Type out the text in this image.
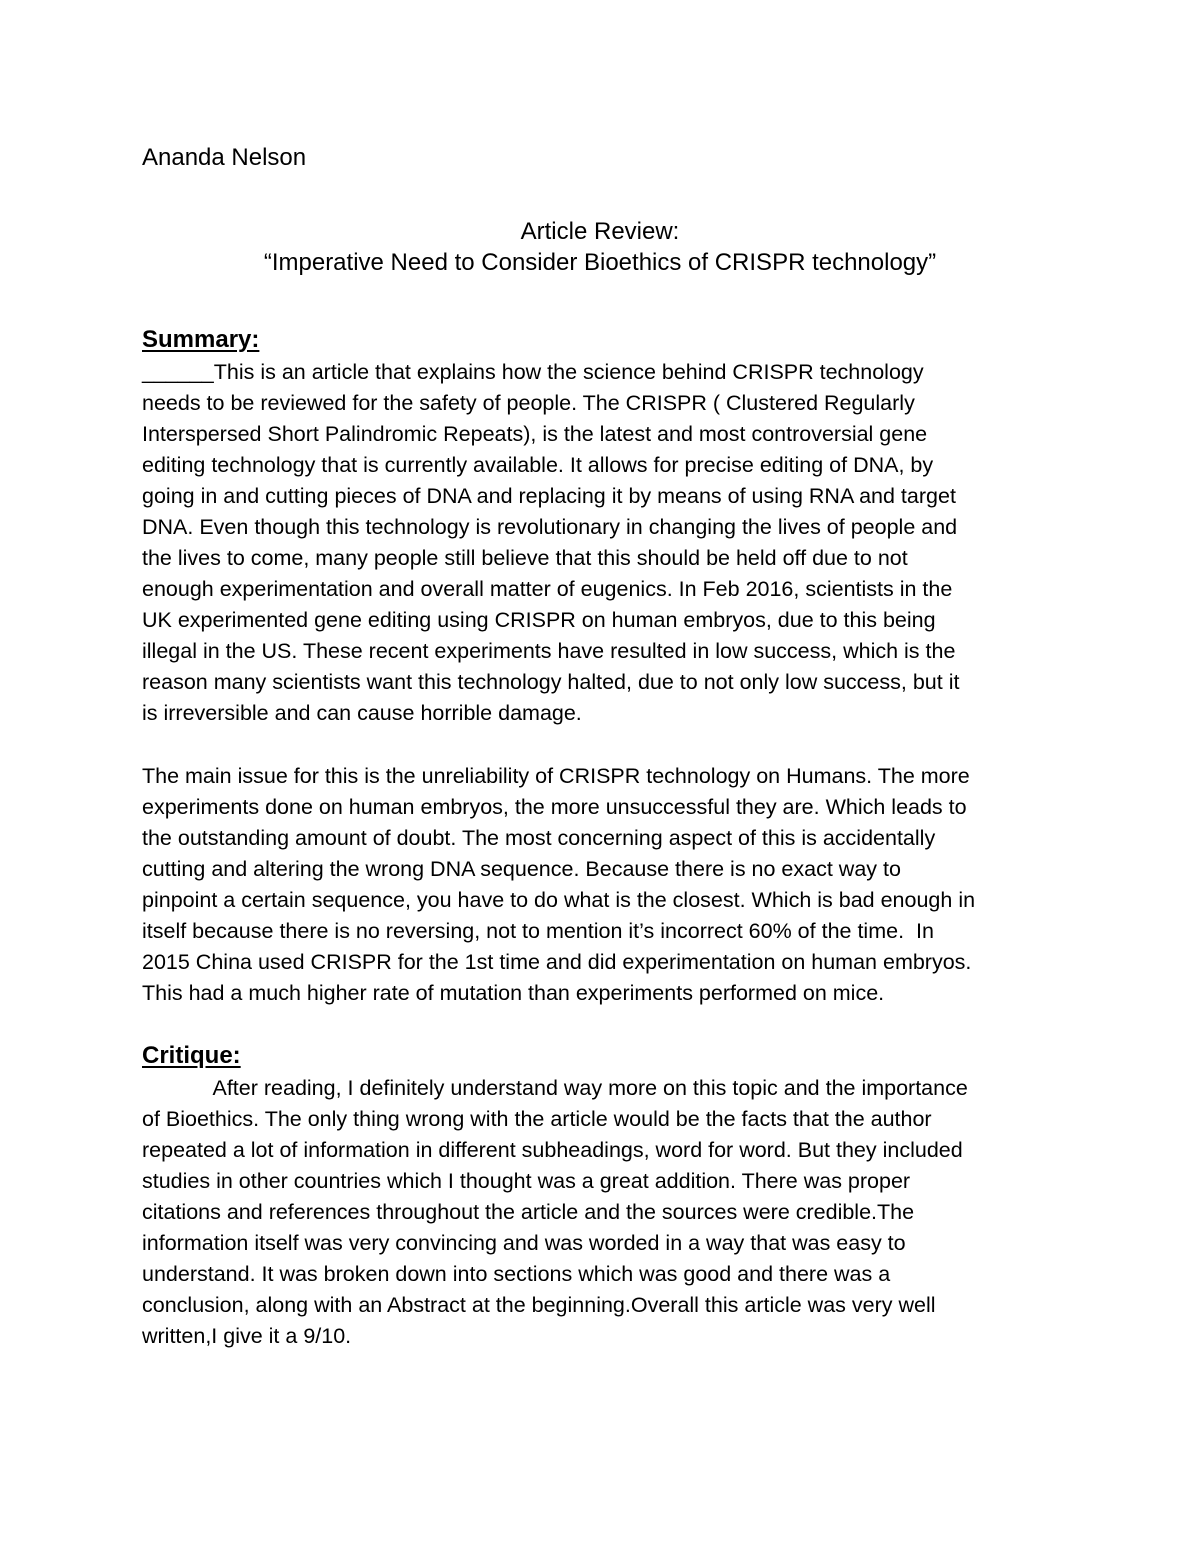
Ananda Nelson

Article Review:

“Imperative Need to Consider Bioethics of CRISPR technology”

Summary:
______This is an article that explains how the science behind CRISPR technology
needs to be reviewed for the safety of people. The CRISPR ( Clustered Regularly
Interspersed Short Palindromic Repeats), is the latest and most controversial gene
editing technology that is currently available. It allows for precise editing of DNA, by
going in and cutting pieces of DNA and replacing it by means of using RNA and target
DNA. Even though this technology is revolutionary in changing the lives of people and
the lives to come, many people still believe that this should be held off due to not
enough experimentation and overall matter of eugenics. In Feb 2016, scientists in the
UK experimented gene editing using CRISPR on human embryos, due to this being
illegal in the US. These recent experiments have resulted in low success, which is the
reason many scientists want this technology halted, due to not only low success, but it
is irreversible and can cause horrible damage.
The main issue for this is the unreliability of CRISPR technology on Humans. The more
experiments done on human embryos, the more unsuccessful they are. Which leads to
the outstanding amount of doubt. The most concerning aspect of this is accidentally
cutting and altering the wrong DNA sequence. Because there is no exact way to
pinpoint a certain sequence, you have to do what is the closest. Which is bad enough in
itself because there is no reversing, not to mention it’s incorrect 60% of the time.  In
2015 China used CRISPR for the 1st time and did experimentation on human embryos.
This had a much higher rate of mutation than experiments performed on mice.
Critique:
After reading, I definitely understand way more on this topic and the importance
of Bioethics. The only thing wrong with the article would be the facts that the author
repeated a lot of information in different subheadings, word for word. But they included
studies in other countries which I thought was a great addition. There was proper
citations and references throughout the article and the sources were credible.The
information itself was very convincing and was worded in a way that was easy to
understand. It was broken down into sections which was good and there was a
conclusion, along with an Abstract at the beginning.Overall this article was very well
written,I give it a 9/10.
